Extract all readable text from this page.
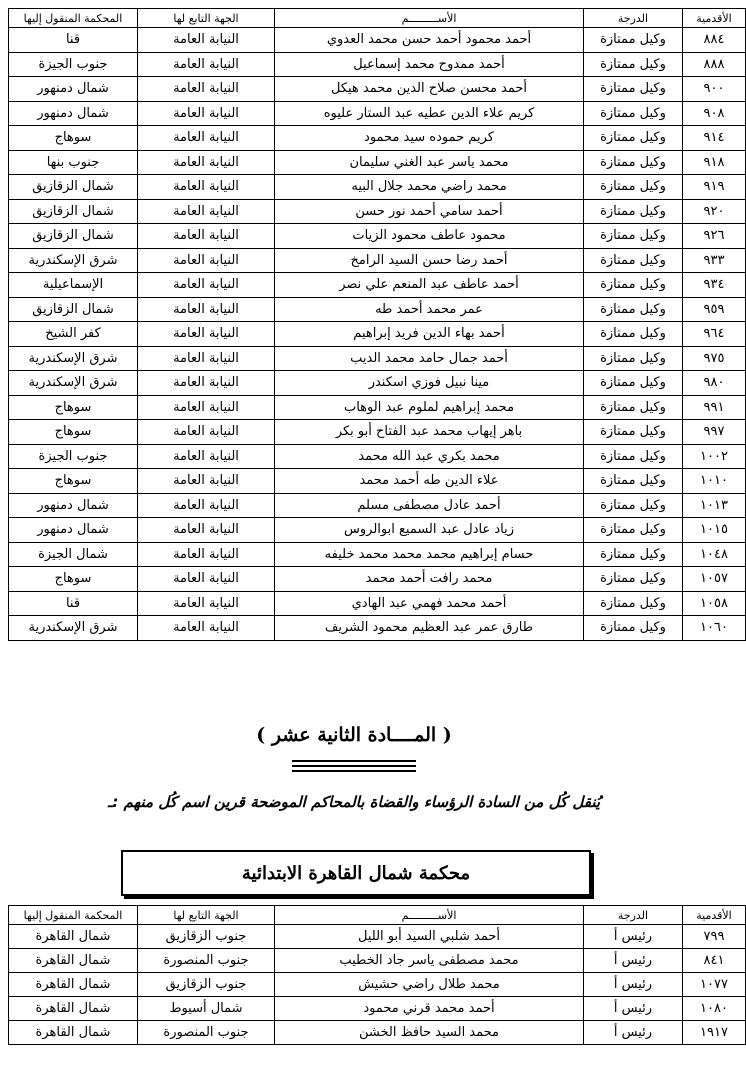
الأقدمية	الدرجة	الأســـــــــم	الجهة التابع لها	المحكمة المنقول إليها
٨٨٤	وكيل ممتازة	أحمد محمود أحمد حسن محمد العدوي	النيابة العامة	قنا
٨٨٨	وكيل ممتازة	أحمد ممدوح محمد إسماعيل	النيابة العامة	جنوب الجيزة
٩٠٠	وكيل ممتازة	أحمد محسن صلاح الدين محمد هيكل	النيابة العامة	شمال دمنهور
٩٠٨	وكيل ممتازة	كريم علاء الدين عطيه عبد الستار عليوه	النيابة العامة	شمال دمنهور
٩١٤	وكيل ممتازة	كريم حموده سيد محمود	النيابة العامة	سوهاج
٩١٨	وكيل ممتازة	محمد ياسر عبد الغني سليمان	النيابة العامة	جنوب بنها
٩١٩	وكيل ممتازة	محمد راضي محمد جلال البيه	النيابة العامة	شمال الزقازيق
٩٢٠	وكيل ممتازة	أحمد سامي أحمد نور حسن	النيابة العامة	شمال الزقازيق
٩٢٦	وكيل ممتازة	محمود عاطف محمود الزيات	النيابة العامة	شمال الزقازيق
٩٣٣	وكيل ممتازة	أحمد رضا حسن السيد الرامخ	النيابة العامة	شرق الإسكندرية
٩٣٤	وكيل ممتازة	أحمد عاطف عبد المنعم علي نصر	النيابة العامة	الإسماعيلية
٩٥٩	وكيل ممتازة	عمر محمد أحمد طه	النيابة العامة	شمال الزقازيق
٩٦٤	وكيل ممتازة	أحمد بهاء الدين فريد إبراهيم	النيابة العامة	كفر الشيخ
٩٧٥	وكيل ممتازة	أحمد جمال حامد محمد الديب	النيابة العامة	شرق الإسكندرية
٩٨٠	وكيل ممتازة	مينا نبيل فوزي اسكندر	النيابة العامة	شرق الإسكندرية
٩٩١	وكيل ممتازة	محمد إبراهيم لملوم عبد الوهاب	النيابة العامة	سوهاج
٩٩٧	وكيل ممتازة	باهر إيهاب محمد عبد الفتاح أبو بكر	النيابة العامة	سوهاج
١٠٠٢	وكيل ممتازة	محمد بكري عبد الله محمد	النيابة العامة	جنوب الجيزة
١٠١٠	وكيل ممتازة	علاء الدين طه أحمد محمد	النيابة العامة	سوهاج
١٠١٣	وكيل ممتازة	أحمد عادل مصطفى مسلم	النيابة العامة	شمال دمنهور
١٠١٥	وكيل ممتازة	زياد عادل عبد السميع ابوالروس	النيابة العامة	شمال دمنهور
١٠٤٨	وكيل ممتازة	حسام إبراهيم محمد محمد محمد خليفه	النيابة العامة	شمال الجيزة
١٠٥٧	وكيل ممتازة	محمد رافت أحمد محمد	النيابة العامة	سوهاج
١٠٥٨	وكيل ممتازة	أحمد محمد فهمي عبد الهادي	النيابة العامة	قنا
١٠٦٠	وكيل ممتازة	طارق عمر عبد العظيم محمود الشريف	النيابة العامة	شرق الإسكندرية
( المــــادة الثانية عشر )
يُنقل كُل من السادة الرؤساء والقضاة بالمحاكم الموضحة قرين اسم كُل منهم :ـ
محكمة شمال القاهرة الابتدائية
الأقدمية	الدرجة	الأســـــــــم	الجهة التابع لها	المحكمة المنقول إليها
٧٩٩	رئيس أ	أحمد شلبي السيد أبو الليل	جنوب الزقازيق	شمال القاهرة
٨٤١	رئيس أ	محمد مصطفى ياسر جاد الخطيب	جنوب المنصورة	شمال القاهرة
١٠٧٧	رئيس أ	محمد طلال راضي حشيش	جنوب الزقازيق	شمال القاهرة
١٠٨٠	رئيس أ	أحمد محمد قرني محمود	شمال أسيوط	شمال القاهرة
١٩١٧	رئيس أ	محمد السيد حافظ الخشن	جنوب المنصورة	شمال القاهرة
